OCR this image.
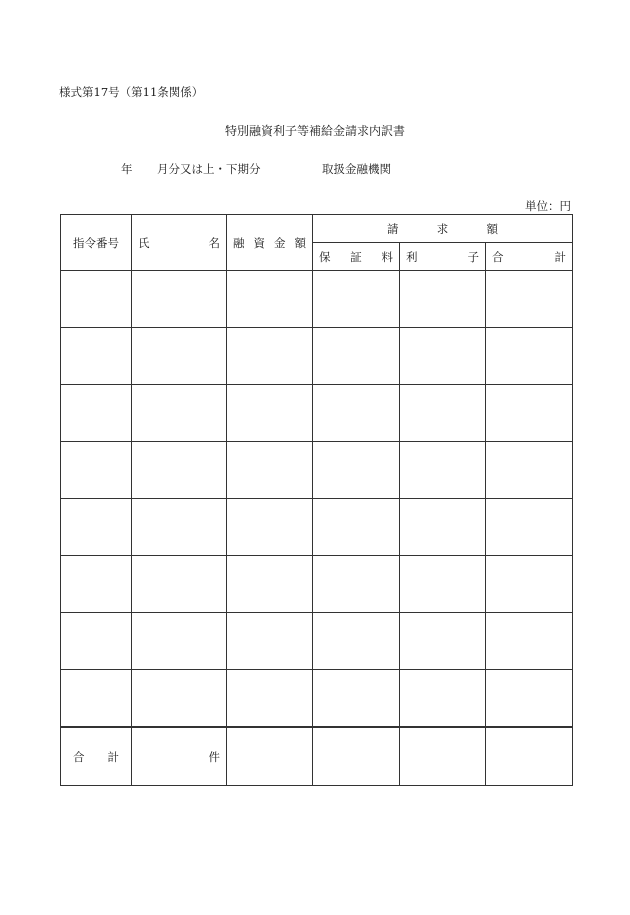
様式第17号（第11条関係）
特別融資利子等補給金請求内訳書
年 月分又は上・下期分	取扱金融機関
単位：円
指令番号	氏 名	融 資 金 額	請 求 額		

			保 証 料	利 子	合 計

合 計	件				
